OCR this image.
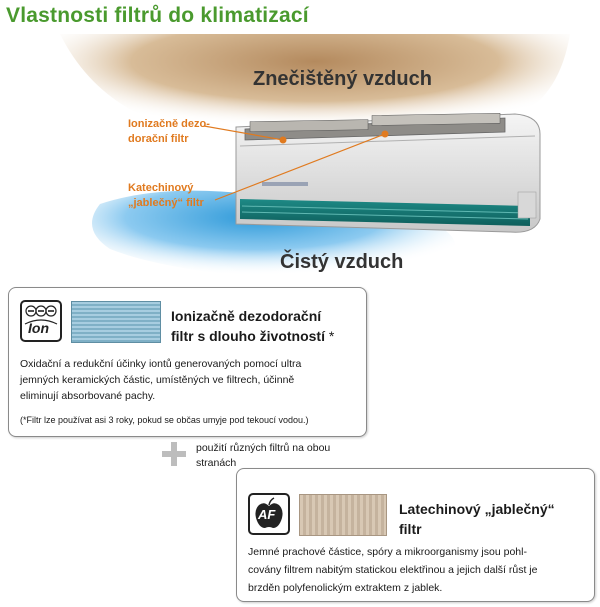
Vlastnosti filtrů do klimatizací
Znečištěný vzduch
Čistý vzduch
Ionizačně dezo-
dorační filtr
Katechinový
„jablečný“ filtr
Ion
Ionizačně dezodorační
filtr s dlouho životností *
Oxidační a redukční účinky iontů generovaných pomocí ultra
jemných keramických částic, umístěných ve filtrech, účinně
eliminují absorbované pachy.
(*Filtr lze používat asi 3 roky, pokud se občas umyje pod tekoucí vodou.)
použití různých filtrů na obou
stranách
AF	Latechinový „jablečný“
filtr
Jemné prachové částice, spóry a mikroorganismy jsou pohl-
covány filtrem nabitým statickou elektřinou a jejich další růst je
brzděn polyfenolickým extraktem z jablek.
